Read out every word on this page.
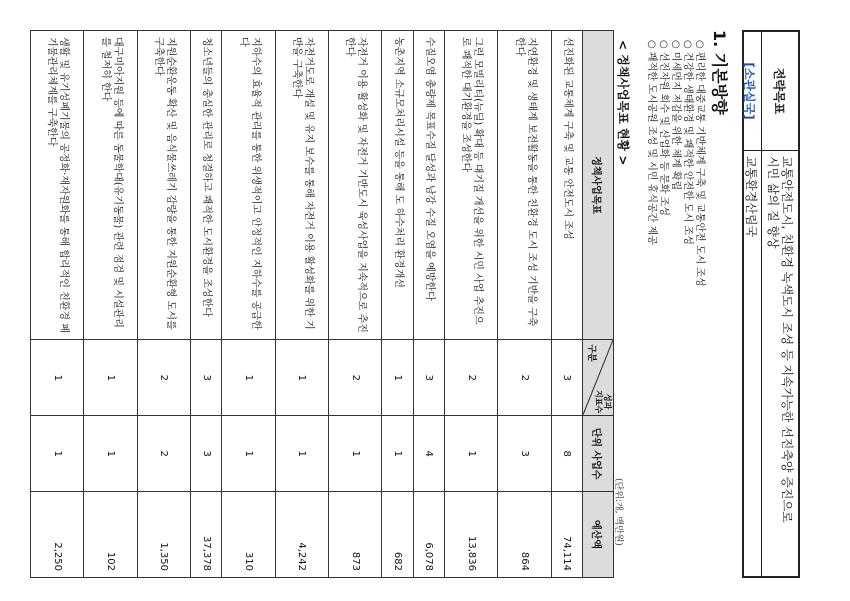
전략목표
교통안전도시, 친환경 녹색도시 조성 등 지속가능한 선진축양 증진으로
시민 삶의 질 향상
[소관실국]
교통환경산림국
1. 기본방향
○ 편리한 대중교통 기반체계 구축 및 교통안전 도시 조성
○ 건강한 생태환경 및 쾌적한 안전한 도시 조성
○ 미세먼지 저감을 위한 체계 확립
○ 선진자원 회수 및 산업화 등 문화 조성
○ 쾌적한 도시공원 조성 및 시민 휴식공간 제공
< 정책사업목표 현황 >
(단위:개, 백만원)
정책사업목표	성과
지표수
구분	단위 사업수	예산액
선진화된 교통체계 구축 및 교통 안전도시 조성	3	8	74,114
지연환경 및 생태계 보전활동을 통한 친환경 도시 조성 기반을 구축한다	2	3	864
그린 모빌리티(뉴딜) 확대 등 대기질 개선을 위한 시민 사업 추진으로 쾌적한 대기환경을 조성한다	2	1	13,836
수질오염 총량제 목표수질 달성과 남강 수질 오염을 예방한다	3	4	6,078
농촌지역 소규모처리시설 등을 통해 도 하수처리 환경개선	1	1	682
자전거 이용 활성화 및 자전거 기반도시 육성사업을 지속적으로 추진한다	2	1	873
자전거도로 개설 및 유지 보수를 통해 자전거 이용 활성화를 위한 기반을 구축한다	1	1	4,242
지하수의 효율적 관리를 통한 위생적이고 안정적인 지하수를 공급한다	1	1	310
청소년들의 충실한 관리로 청결하고 쾌적한 도시환경을 조성한다	3	3	37,378
지원순환운동 확산 및 음식물쓰레기 감량을 통한 지원순환형 도시를 구축한다	2	2	1,350
대구미아지원 등에 따른 동물학대(유기동물) 관련 점검 및 시설관리를 철저히 한다	1	1	102
생활 및 유기성폐기물의 공정화·재자원화를 통해 합리적인 친환경 폐기물관리체계를 구축한다	1	1	2,250
